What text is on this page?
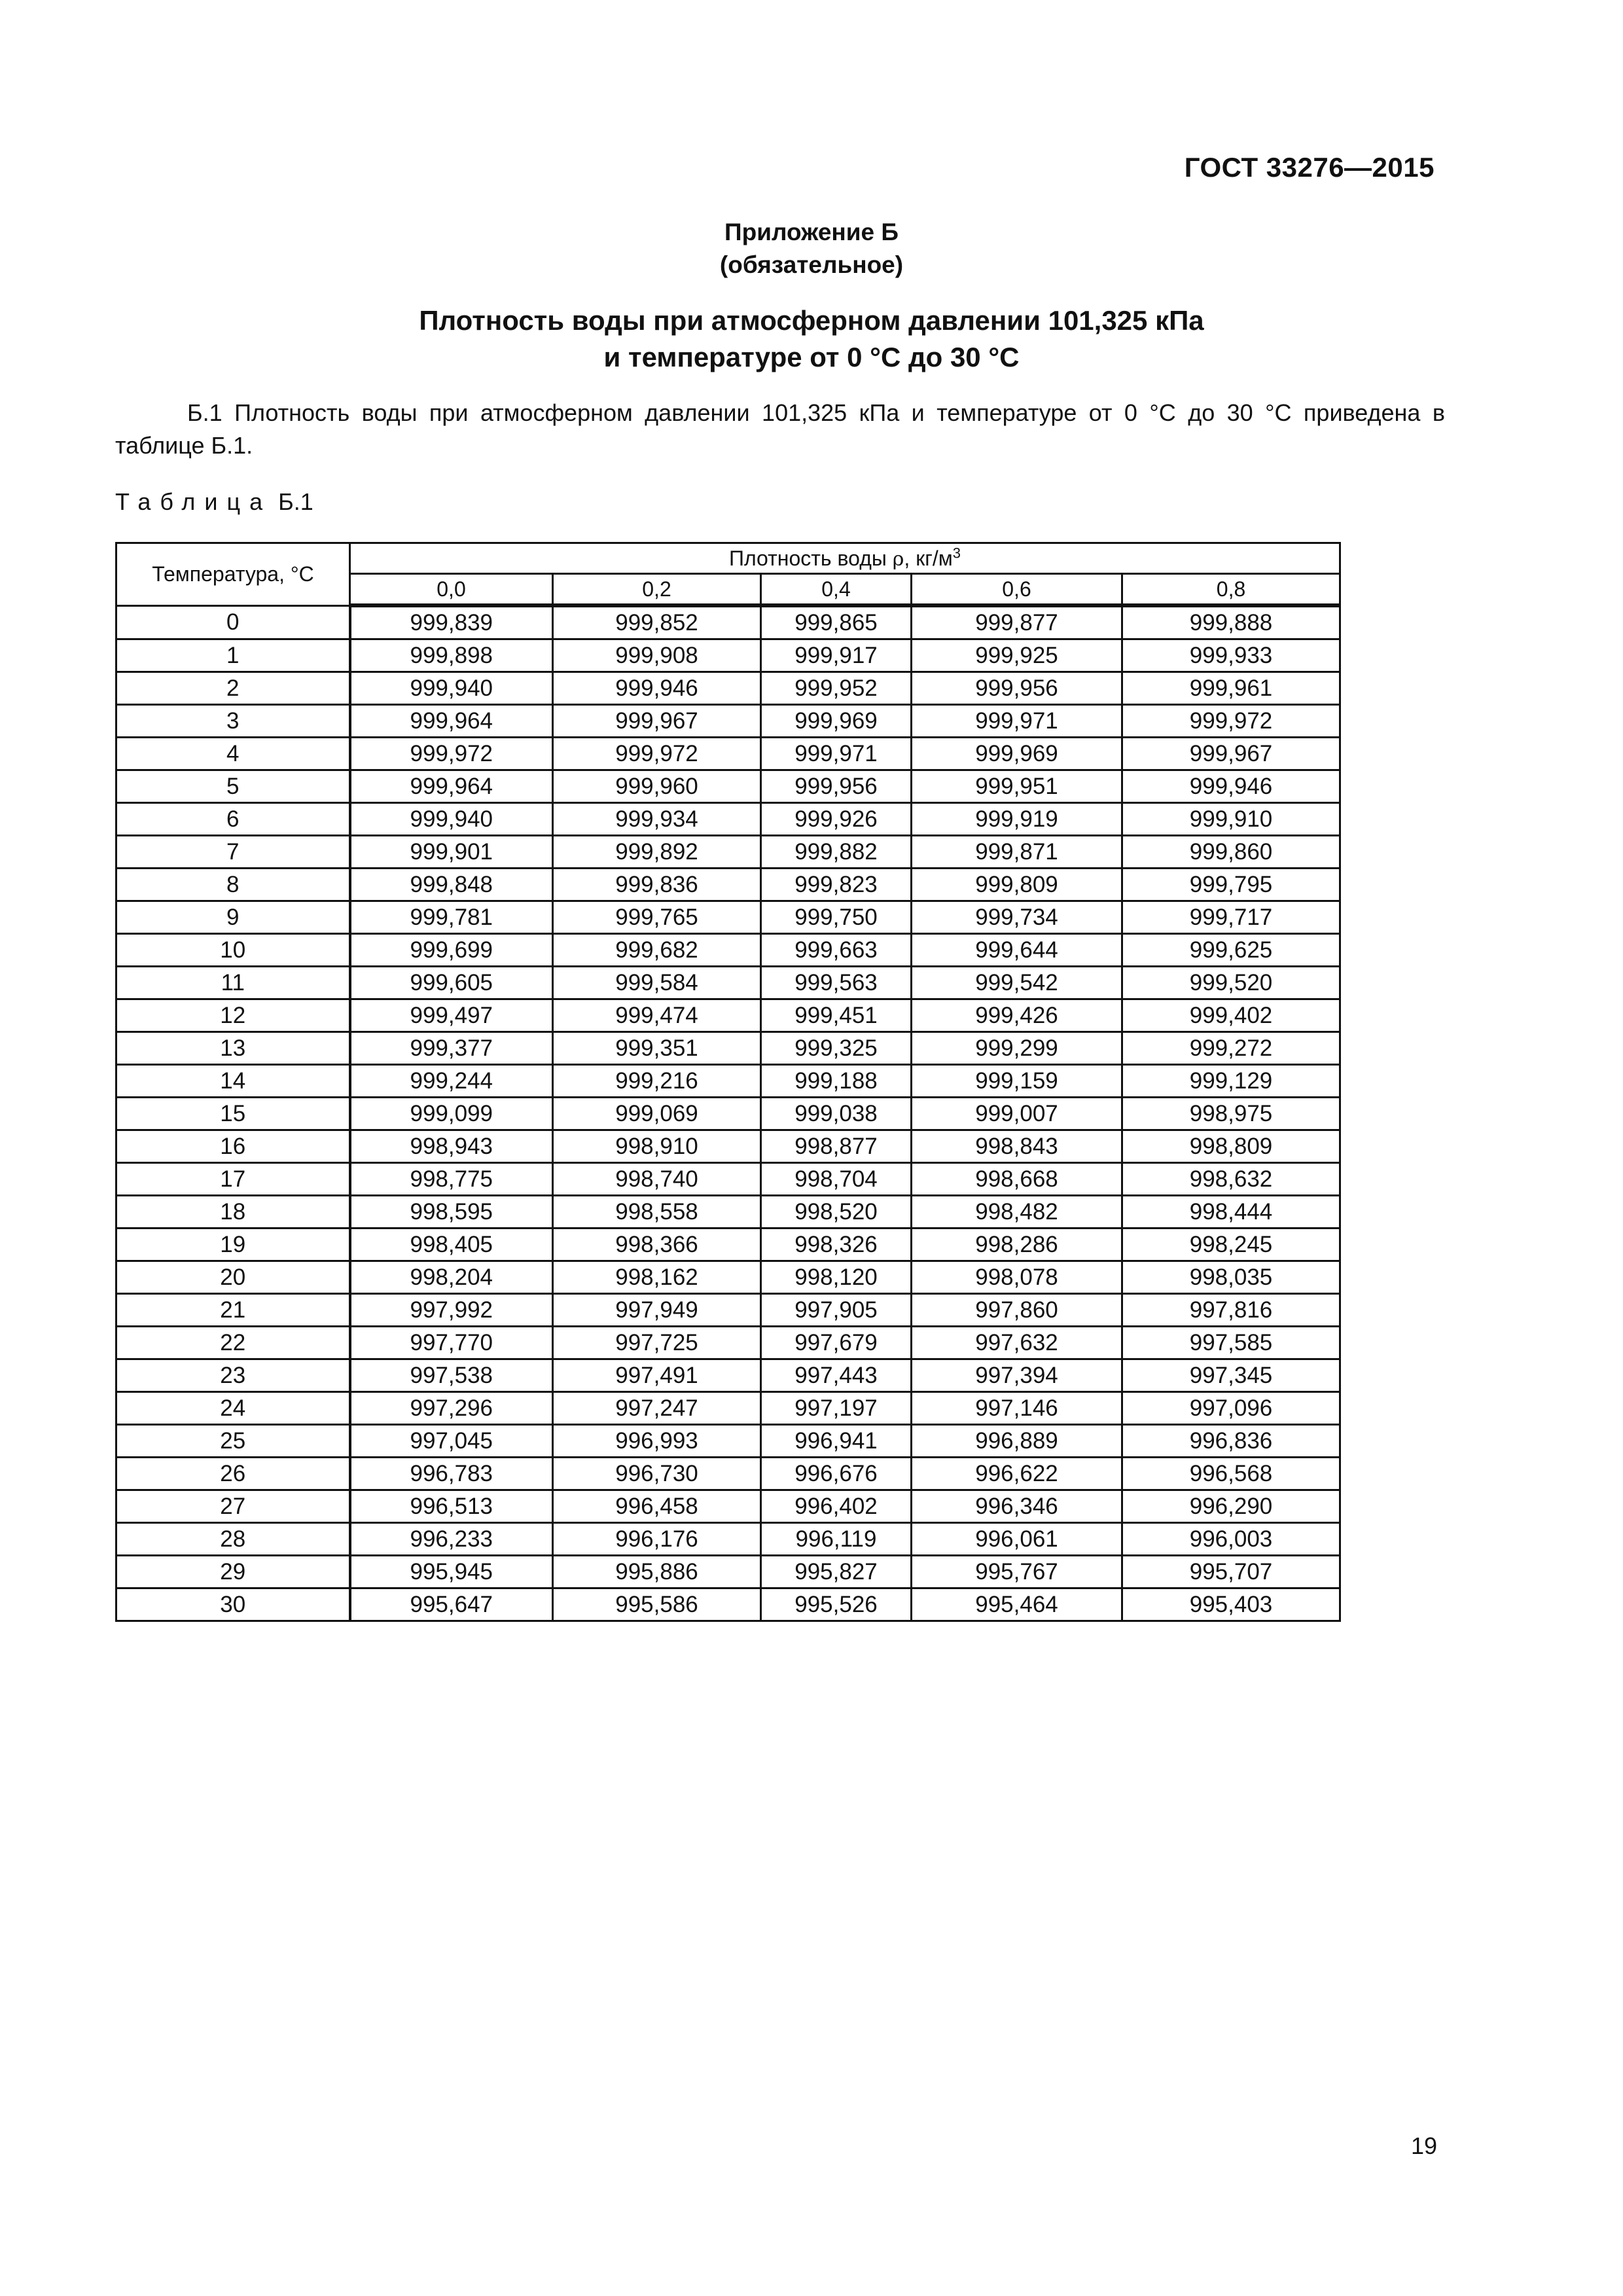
ГОСТ 33276—2015
Приложение Б
(обязательное)
Плотность воды при атмосферном давлении 101,325 кПа
и температуре от 0 °С до 30 °С

Б.1 Плотность воды при атмосферном давлении 101,325 кПа и температуре от 0 °С до 30 °С приведена в таблице Б.1.

Таблица Б.1
Температура, °С	Плотность воды ρ, $кг/м^3$
	0,0	0,2	0,4	0,6	0,8
0	999,839	999,852	999,865	999,877	999,888
1	999,898	999,908	999,917	999,925	999,933
2	999,940	999,946	999,952	999,956	999,961
3	999,964	999,967	999,969	999,971	999,972
4	999,972	999,972	999,971	999,969	999,967
5	999,964	999,960	999,956	999,951	999,946
6	999,940	999,934	999,926	999,919	999,910
7	999,901	999,892	999,882	999,871	999,860
8	999,848	999,836	999,823	999,809	999,795
9	999,781	999,765	999,750	999,734	999,717
10	999,699	999,682	999,663	999,644	999,625
11	999,605	999,584	999,563	999,542	999,520
12	999,497	999,474	999,451	999,426	999,402
13	999,377	999,351	999,325	999,299	999,272
14	999,244	999,216	999,188	999,159	999,129
15	999,099	999,069	999,038	999,007	998,975
16	998,943	998,910	998,877	998,843	998,809
17	998,775	998,740	998,704	998,668	998,632
18	998,595	998,558	998,520	998,482	998,444
19	998,405	998,366	998,326	998,286	998,245
20	998,204	998,162	998,120	998,078	998,035
21	997,992	997,949	997,905	997,860	997,816
22	997,770	997,725	997,679	997,632	997,585
23	997,538	997,491	997,443	997,394	997,345
24	997,296	997,247	997,197	997,146	997,096
25	997,045	996,993	996,941	996,889	996,836
26	996,783	996,730	996,676	996,622	996,568
27	996,513	996,458	996,402	996,346	996,290
28	996,233	996,176	996,119	996,061	996,003
29	995,945	995,886	995,827	995,767	995,707
30	995,647	995,586	995,526	995,464	995,403
19
